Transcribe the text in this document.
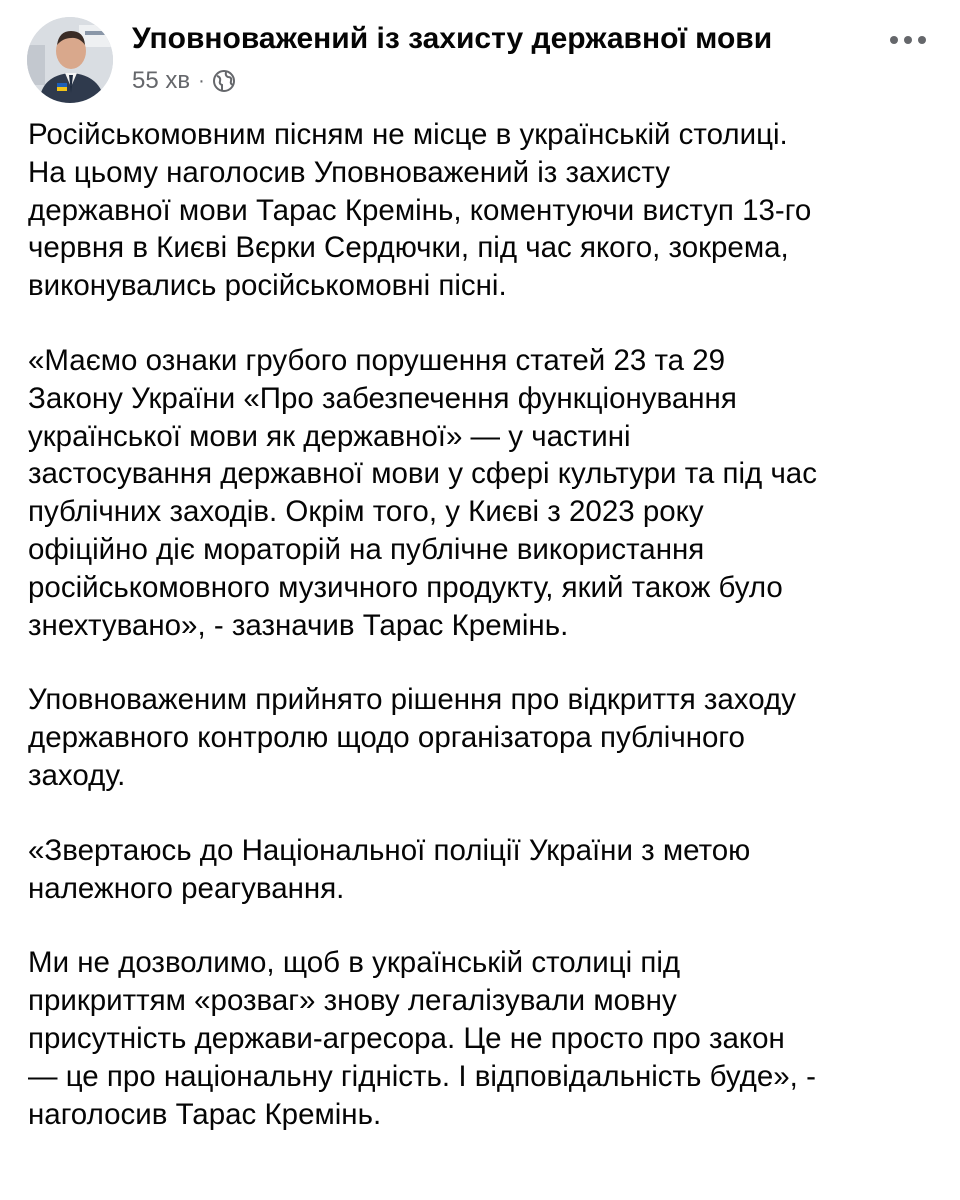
Уповноважений із захисту державної мови
55 хв ·

Російськомовним пісням не місце в українській столиці.
На цьому наголосив Уповноважений із захисту
державної мови Тарас Кремінь, коментуючи виступ 13-го
червня в Києві Вєрки Сердючки, під час якого, зокрема,
виконувались російськомовні пісні.

«Маємо ознаки грубого порушення статей 23 та 29
Закону України «Про забезпечення функціонування
української мови як державної» — у частині
застосування державної мови у сфері культури та під час
публічних заходів. Окрім того, у Києві з 2023 року
офіційно діє мораторій на публічне використання
російськомовного музичного продукту, який також було
знехтувано», - зазначив Тарас Кремінь.

Уповноваженим прийнято рішення про відкриття заходу
державного контролю щодо організатора публічного
заходу.

«Звертаюсь до Національної поліції України з метою
належного реагування.

Ми не дозволимо, щоб в українській столиці під
прикриттям «розваг» знову легалізували мовну
присутність держави-агресора. Це не просто про закон
— це про національну гідність. І відповідальність буде», -
наголосив Тарас Кремінь.
